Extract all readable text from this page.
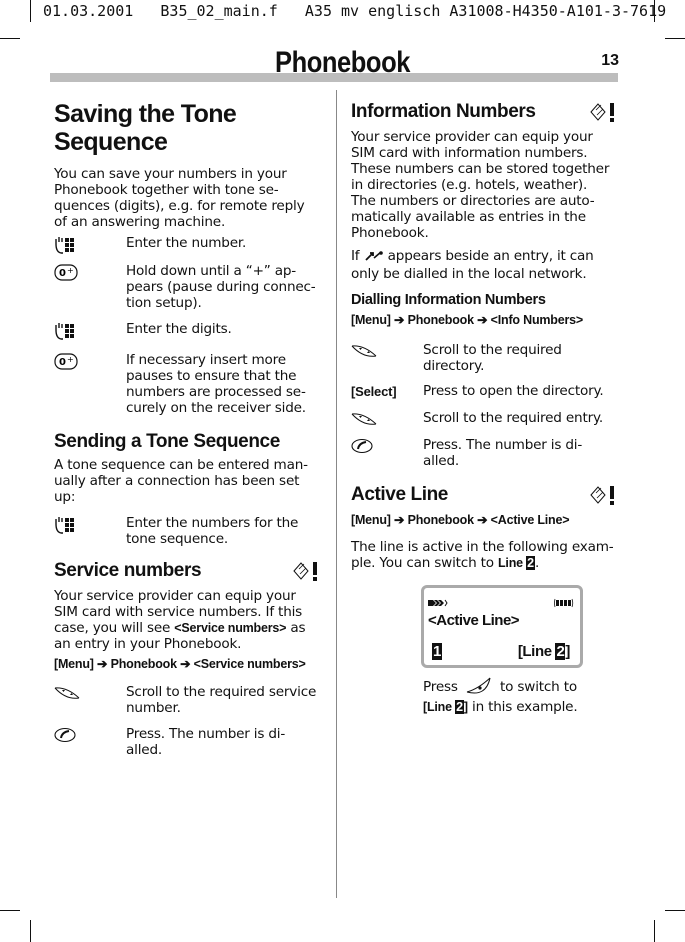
01.03.2001 B35_02_main.f A35 mv englisch A31008-H4350-A101-3-7619
Phonebook	13
Saving the Tone
Sequence
You can save your numbers in your
Phonebook together with tone se-
quences (digits), e.g. for remote reply
of an answering machine.
Enter the number.
0 +	Hold down until a “+” ap-
pears (pause during connec-
tion setup).
Enter the digits.
0 +	If necessary insert more
pauses to ensure that the
numbers are processed se-
curely on the receiver side.
Sending a Tone Sequence
A tone sequence can be entered man-
ually after a connection has been set
up:
Enter the numbers for the
tone sequence.
Service numbers
Your service provider can equip your
SIM card with service numbers. If this
case, you will see <Service numbers> as
an entry in your Phonebook.
[Menu] ➔ Phonebook ➔ <Service numbers>
Scroll to the required service
number.
Press. The number is di-
alled.
Information Numbers
Your service provider can equip your
SIM card with information numbers.
These numbers can be stored together
in directories (e.g. hotels, weather).
The numbers or directories are auto-
matically available as entries in the
Phonebook.
If  appears beside an entry, it can
only be dialled in the local network.
Dialling Information Numbers
[Menu] ➔ Phonebook ➔ <Info Numbers>
Scroll to the required
directory.
[Select]	Press to open the directory.
Scroll to the required entry.
Press. The number is di-
alled.
Active Line
[Menu] ➔ Phonebook ➔ <Active Line>
The line is active in the following exam-
ple. You can switch to Line 2.
<Active Line>
1	[Line 2]
Press	to switch to
[Line 2] in this example.
